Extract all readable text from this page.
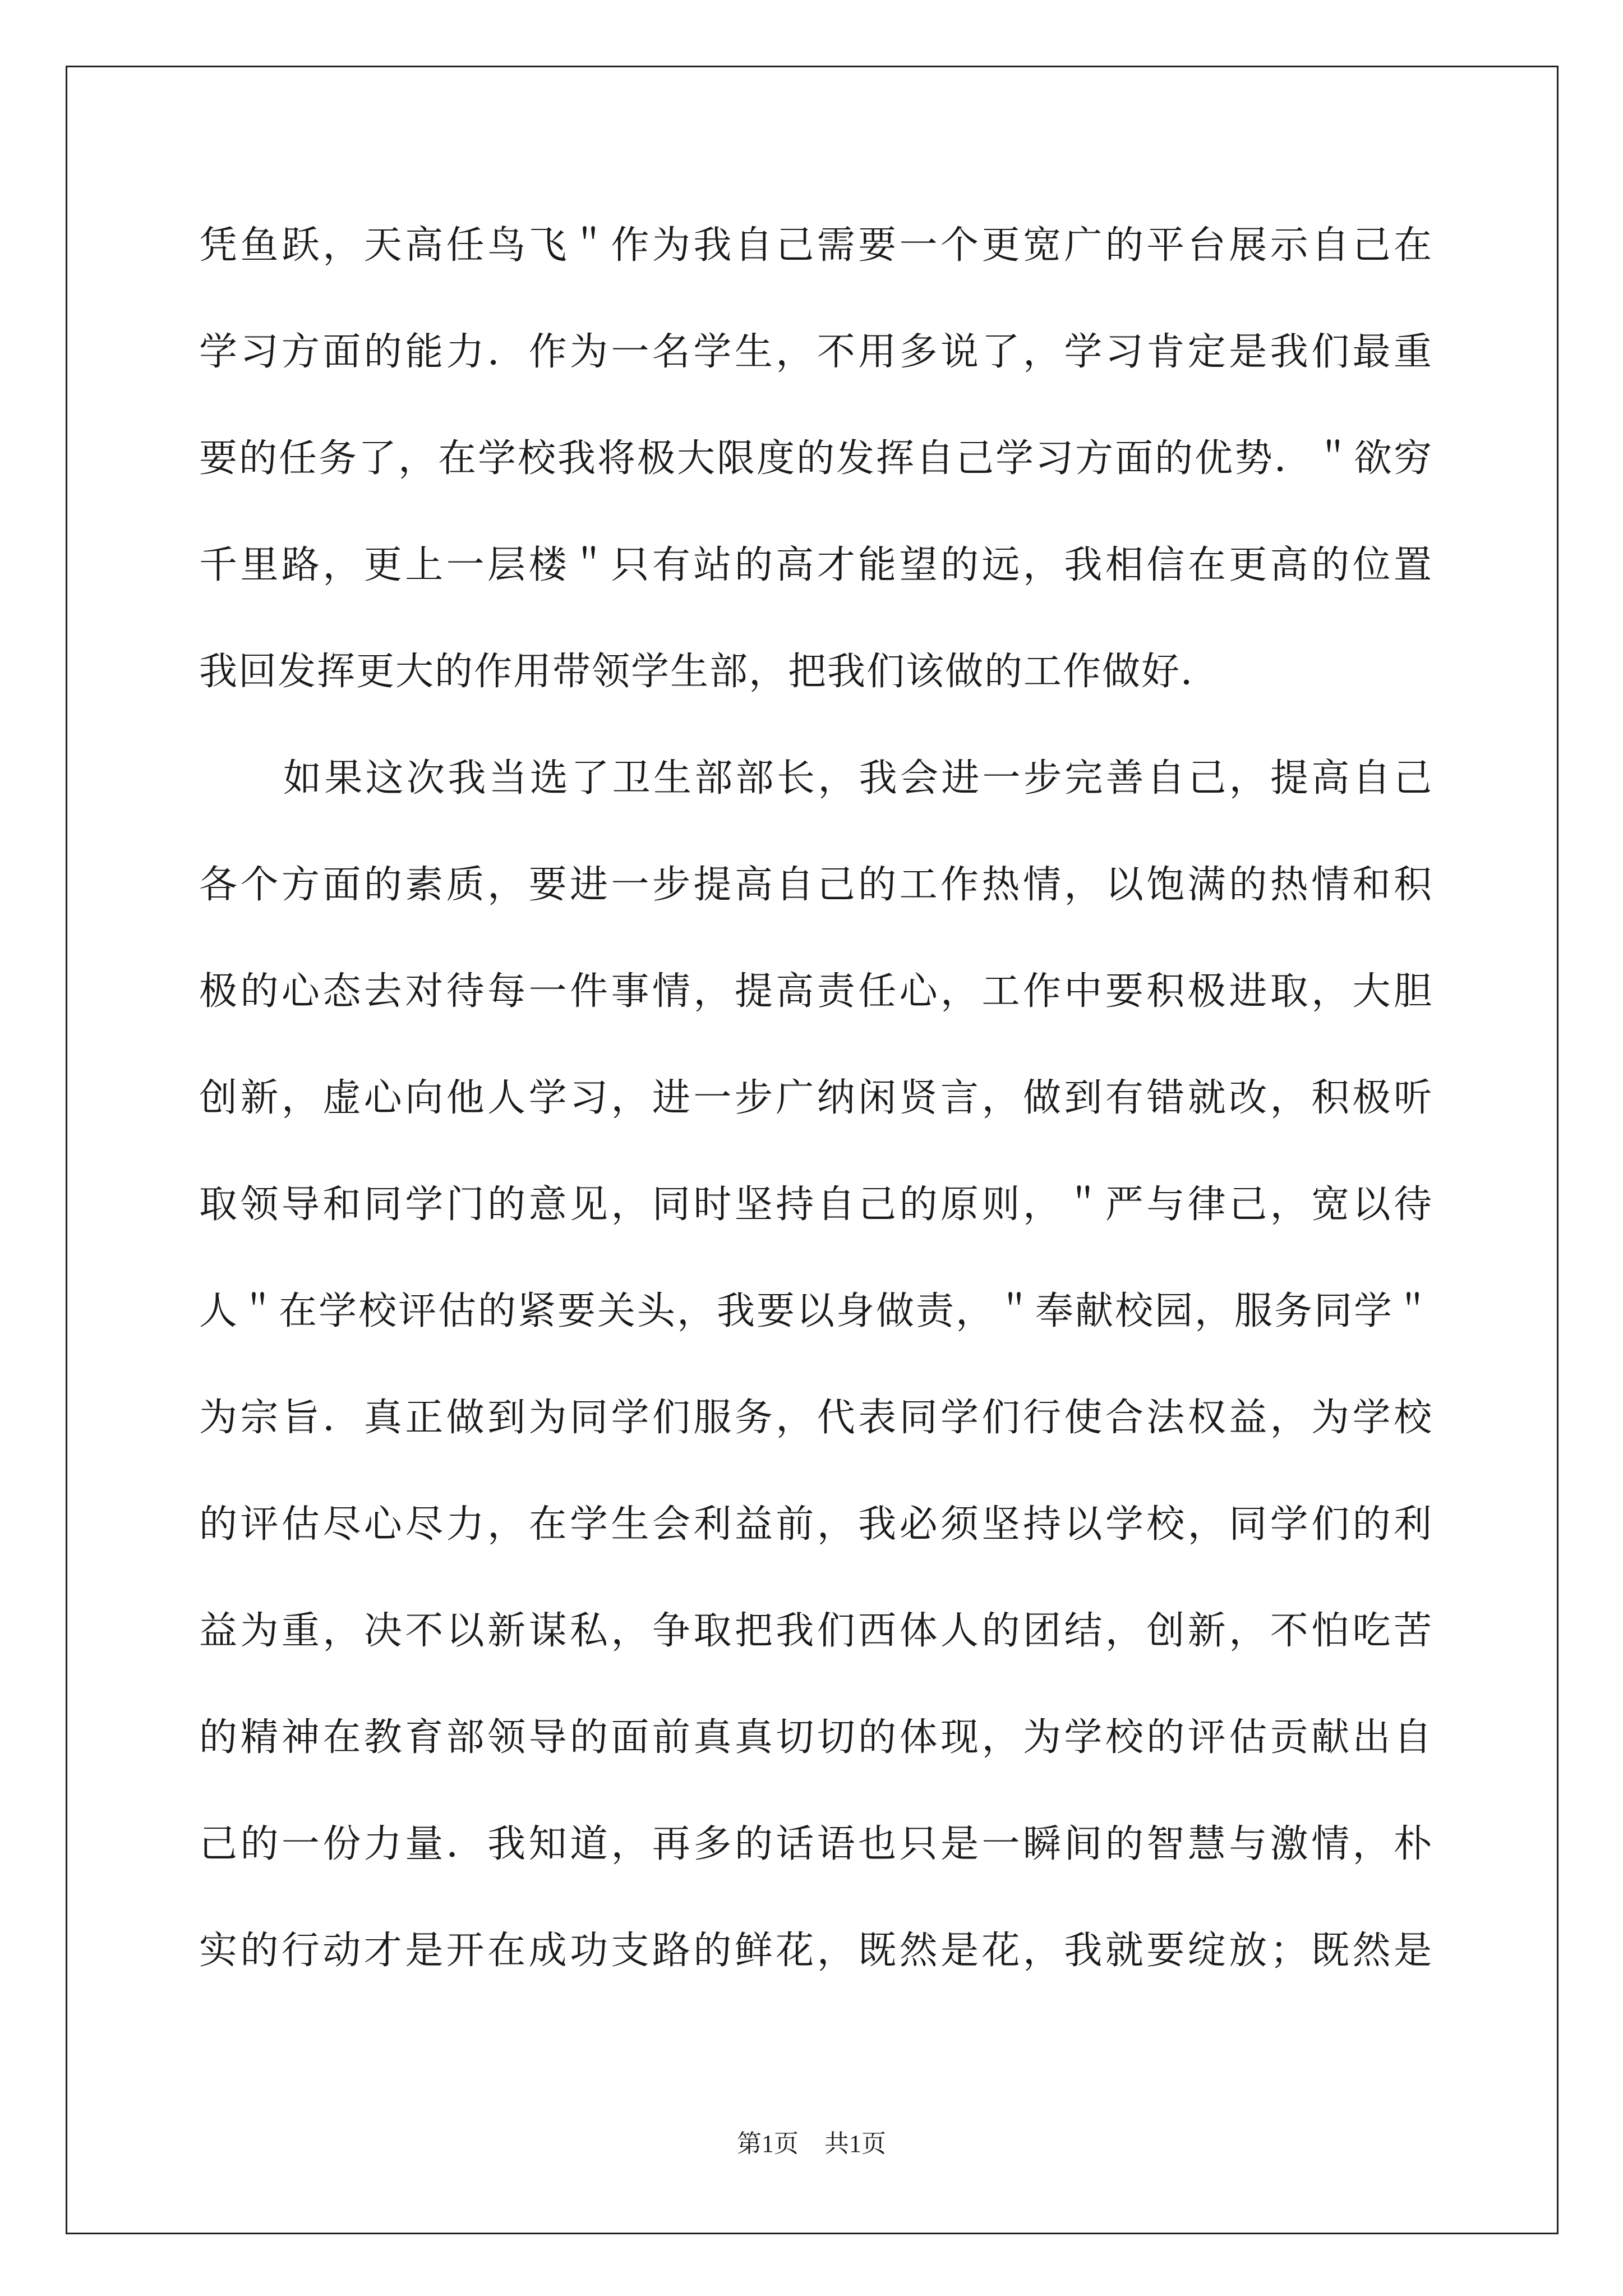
凭鱼跃，天高任鸟飞＂作为我自己需要一个更宽广的平台展示自己在
学习方面的能力．作为一名学生，不用多说了，学习肯定是我们最重
要的任务了，在学校我将极大限度的发挥自己学习方面的优势．＂欲穷
千里路，更上一层楼＂只有站的高才能望的远，我相信在更高的位置
我回发挥更大的作用带领学生部，把我们该做的工作做好．
如果这次我当选了卫生部部长，我会进一步完善自己，提高自己
各个方面的素质，要进一步提高自己的工作热情，以饱满的热情和积
极的心态去对待每一件事情，提高责任心，工作中要积极进取，大胆
创新，虚心向他人学习，进一步广纳闲贤言，做到有错就改，积极听
取领导和同学门的意见，同时坚持自己的原则，＂严与律己，宽以待
人＂在学校评估的紧要关头，我要以身做责，＂奉献校园，服务同学＂
为宗旨．真正做到为同学们服务，代表同学们行使合法权益，为学校
的评估尽心尽力，在学生会利益前，我必须坚持以学校，同学们的利
益为重，决不以新谋私，争取把我们西体人的团结，创新，不怕吃苦
的精神在教育部领导的面前真真切切的体现，为学校的评估贡献出自
己的一份力量．我知道，再多的话语也只是一瞬间的智慧与激情，朴
实的行动才是开在成功支路的鲜花，既然是花，我就要绽放；既然是
第1页 共1页
